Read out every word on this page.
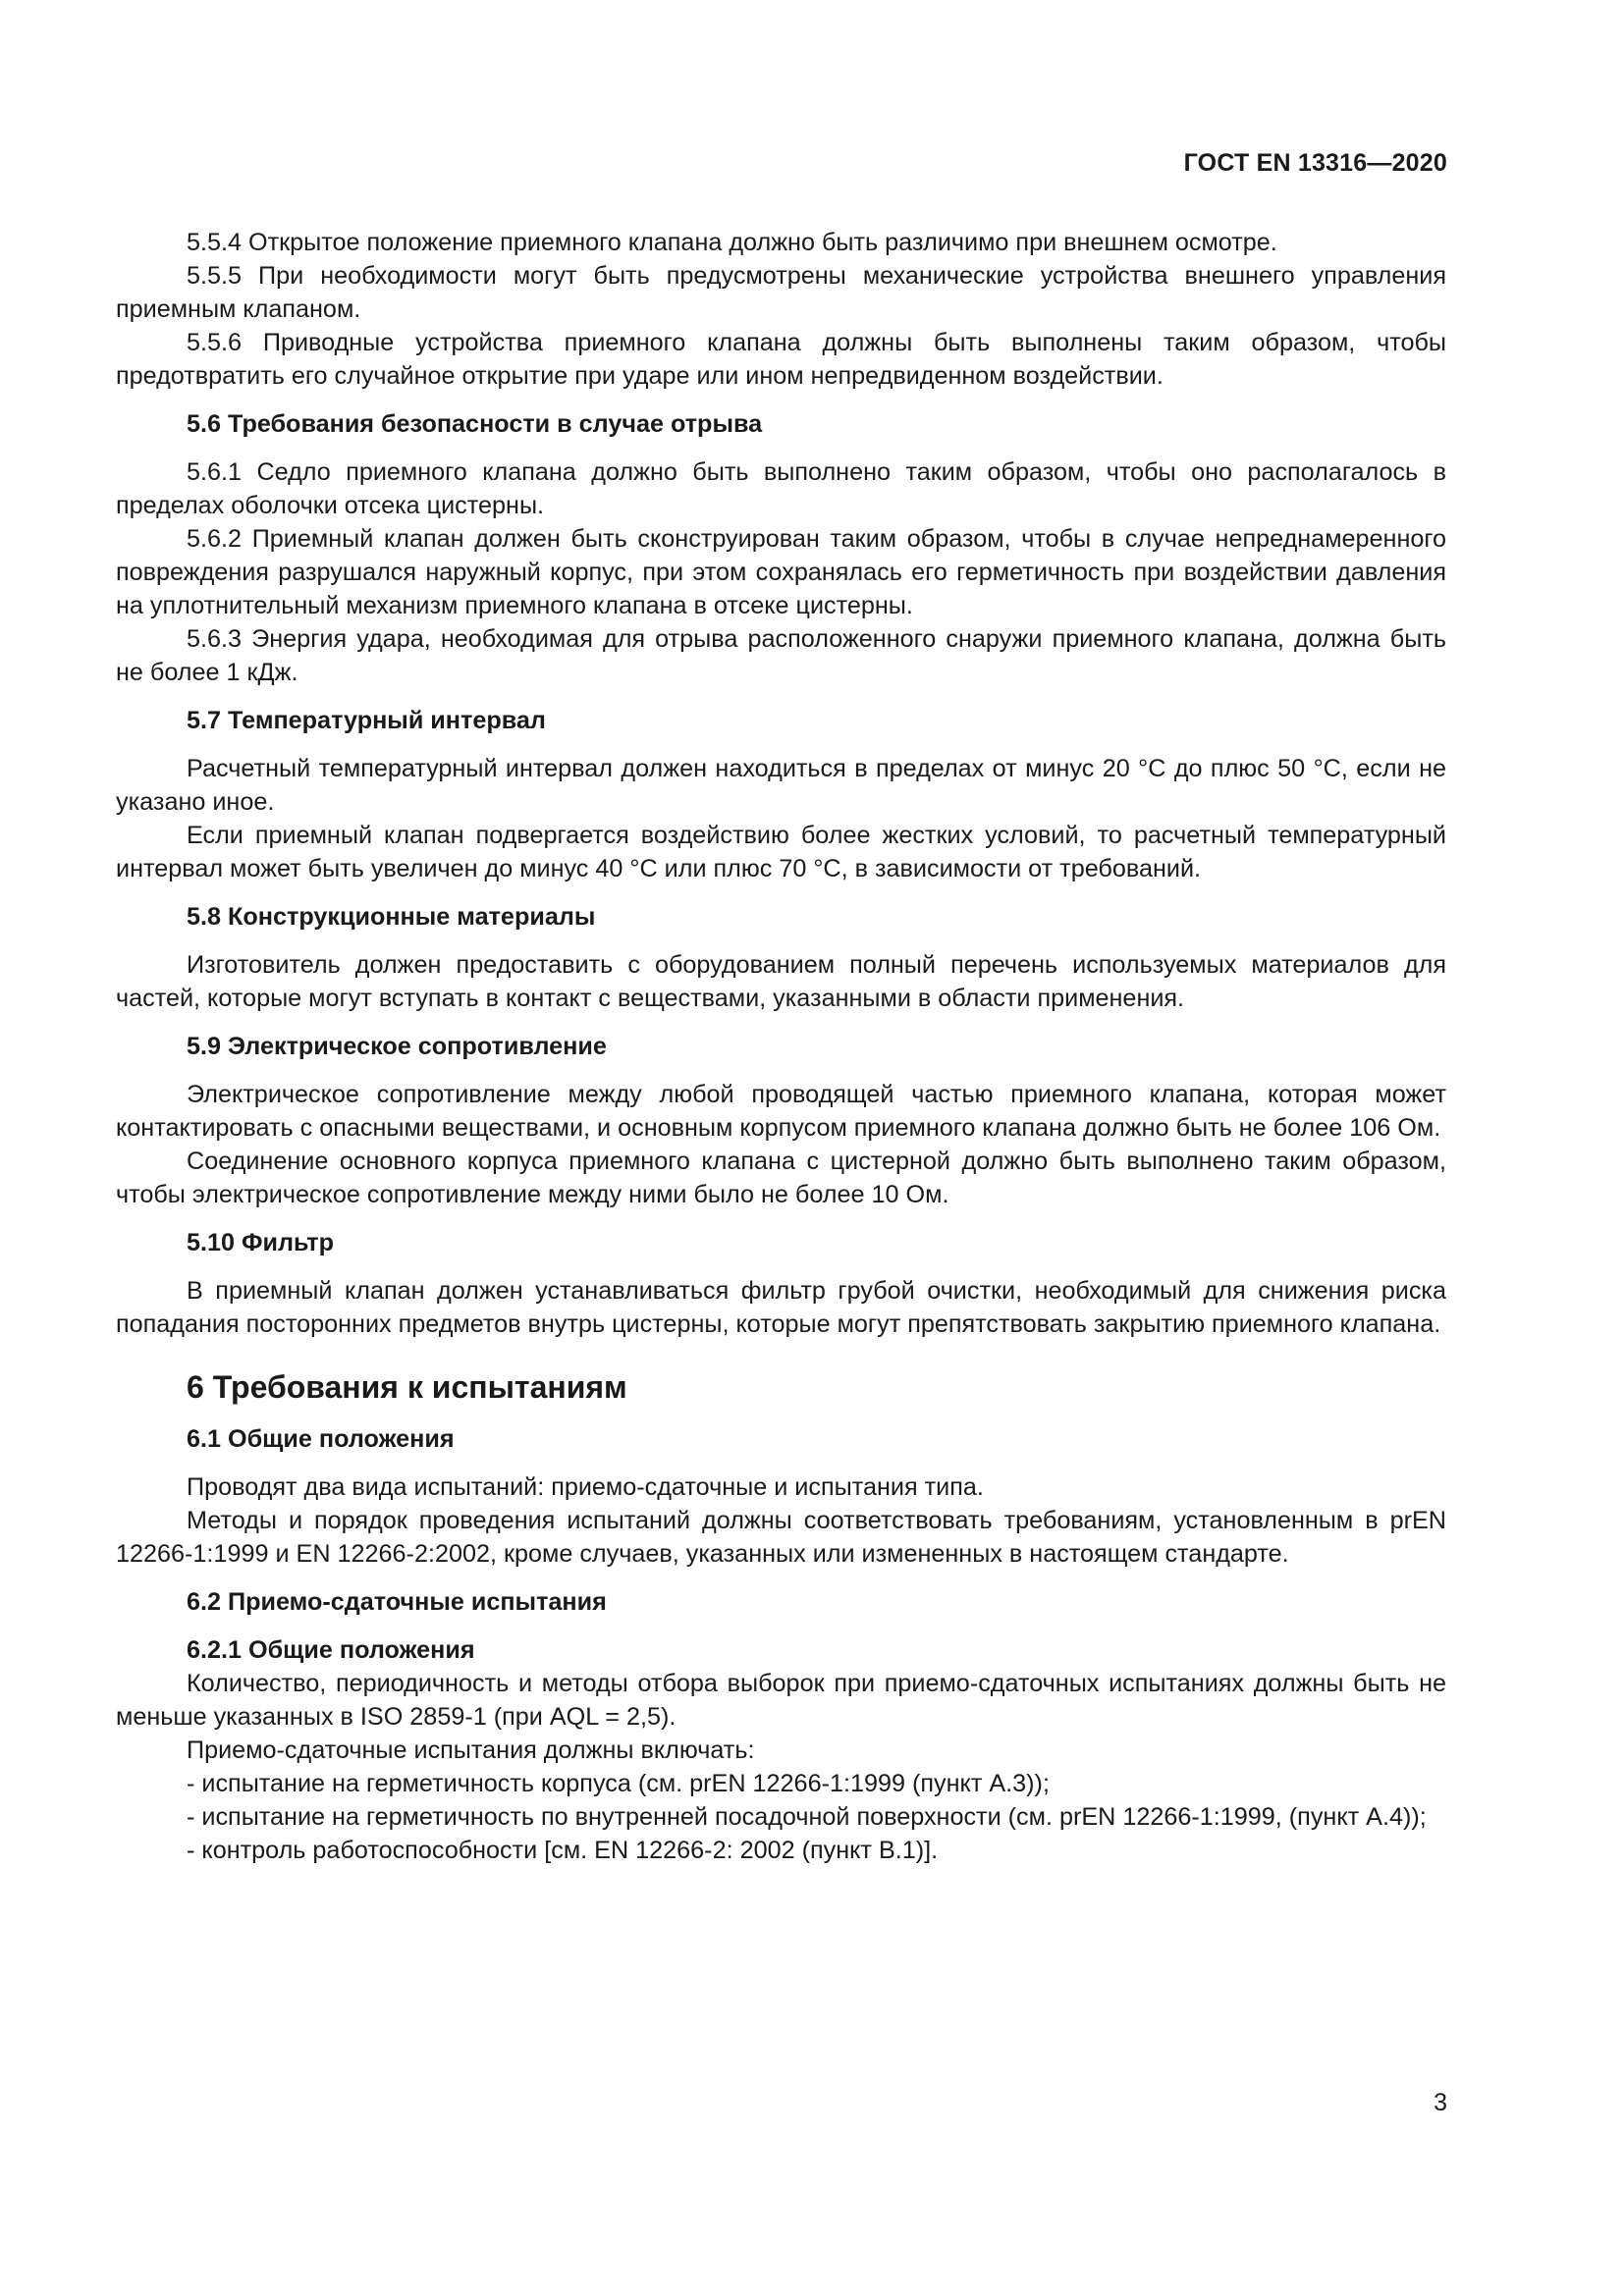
ГОСТ EN 13316—2020

5.5.4 Открытое положение приемного клапана должно быть различимо при внешнем осмотре.

5.5.5 При необходимости могут быть предусмотрены механические устройства внешнего управления приемным клапаном.

5.5.6 Приводные устройства приемного клапана должны быть выполнены таким образом, чтобы предотвратить его случайное открытие при ударе или ином непредвиденном воздействии.

5.6 Требования безопасности в случае отрыва

5.6.1 Седло приемного клапана должно быть выполнено таким образом, чтобы оно располагалось в пределах оболочки отсека цистерны.

5.6.2 Приемный клапан должен быть сконструирован таким образом, чтобы в случае непреднамеренного повреждения разрушался наружный корпус, при этом сохранялась его герметичность при воздействии давления на уплотнительный механизм приемного клапана в отсеке цистерны.

5.6.3 Энергия удара, необходимая для отрыва расположенного снаружи приемного клапана, должна быть не более 1 кДж.

5.7 Температурный интервал

Расчетный температурный интервал должен находиться в пределах от минус 20 °С до плюс 50 °С, если не указано иное.

Если приемный клапан подвергается воздействию более жестких условий, то расчетный температурный интервал может быть увеличен до минус 40 °С или плюс 70 °С, в зависимости от требований.

5.8 Конструкционные материалы

Изготовитель должен предоставить с оборудованием полный перечень используемых материалов для частей, которые могут вступать в контакт с веществами, указанными в области применения.

5.9 Электрическое сопротивление

Электрическое сопротивление между любой проводящей частью приемного клапана, которая может контактировать с опасными веществами, и основным корпусом приемного клапана должно быть не более 106 Ом.

Соединение основного корпуса приемного клапана с цистерной должно быть выполнено таким образом, чтобы электрическое сопротивление между ними было не более 10 Ом.

5.10 Фильтр

В приемный клапан должен устанавливаться фильтр грубой очистки, необходимый для снижения риска попадания посторонних предметов внутрь цистерны, которые могут препятствовать закрытию приемного клапана.

6 Требования к испытаниям
6.1 Общие положения

Проводят два вида испытаний: приемо-сдаточные и испытания типа.

Методы и порядок проведения испытаний должны соответствовать требованиям, установленным в prEN 12266-1:1999 и EN 12266-2:2002, кроме случаев, указанных или измененных в настоящем стандарте.

6.2 Приемо-сдаточные испытания
6.2.1 Общие положения

Количество, периодичность и методы отбора выборок при приемо-сдаточных испытаниях должны быть не меньше указанных в ISO 2859-1 (при AQL = 2,5).

Приемо-сдаточные испытания должны включать:

- испытание на герметичность корпуса (см. prEN 12266-1:1999 (пункт А.3));

- испытание на герметичность по внутренней посадочной поверхности (см. prEN 12266-1:1999, (пункт А.4));

- контроль работоспособности [см. EN 12266-2: 2002 (пункт В.1)].

3
